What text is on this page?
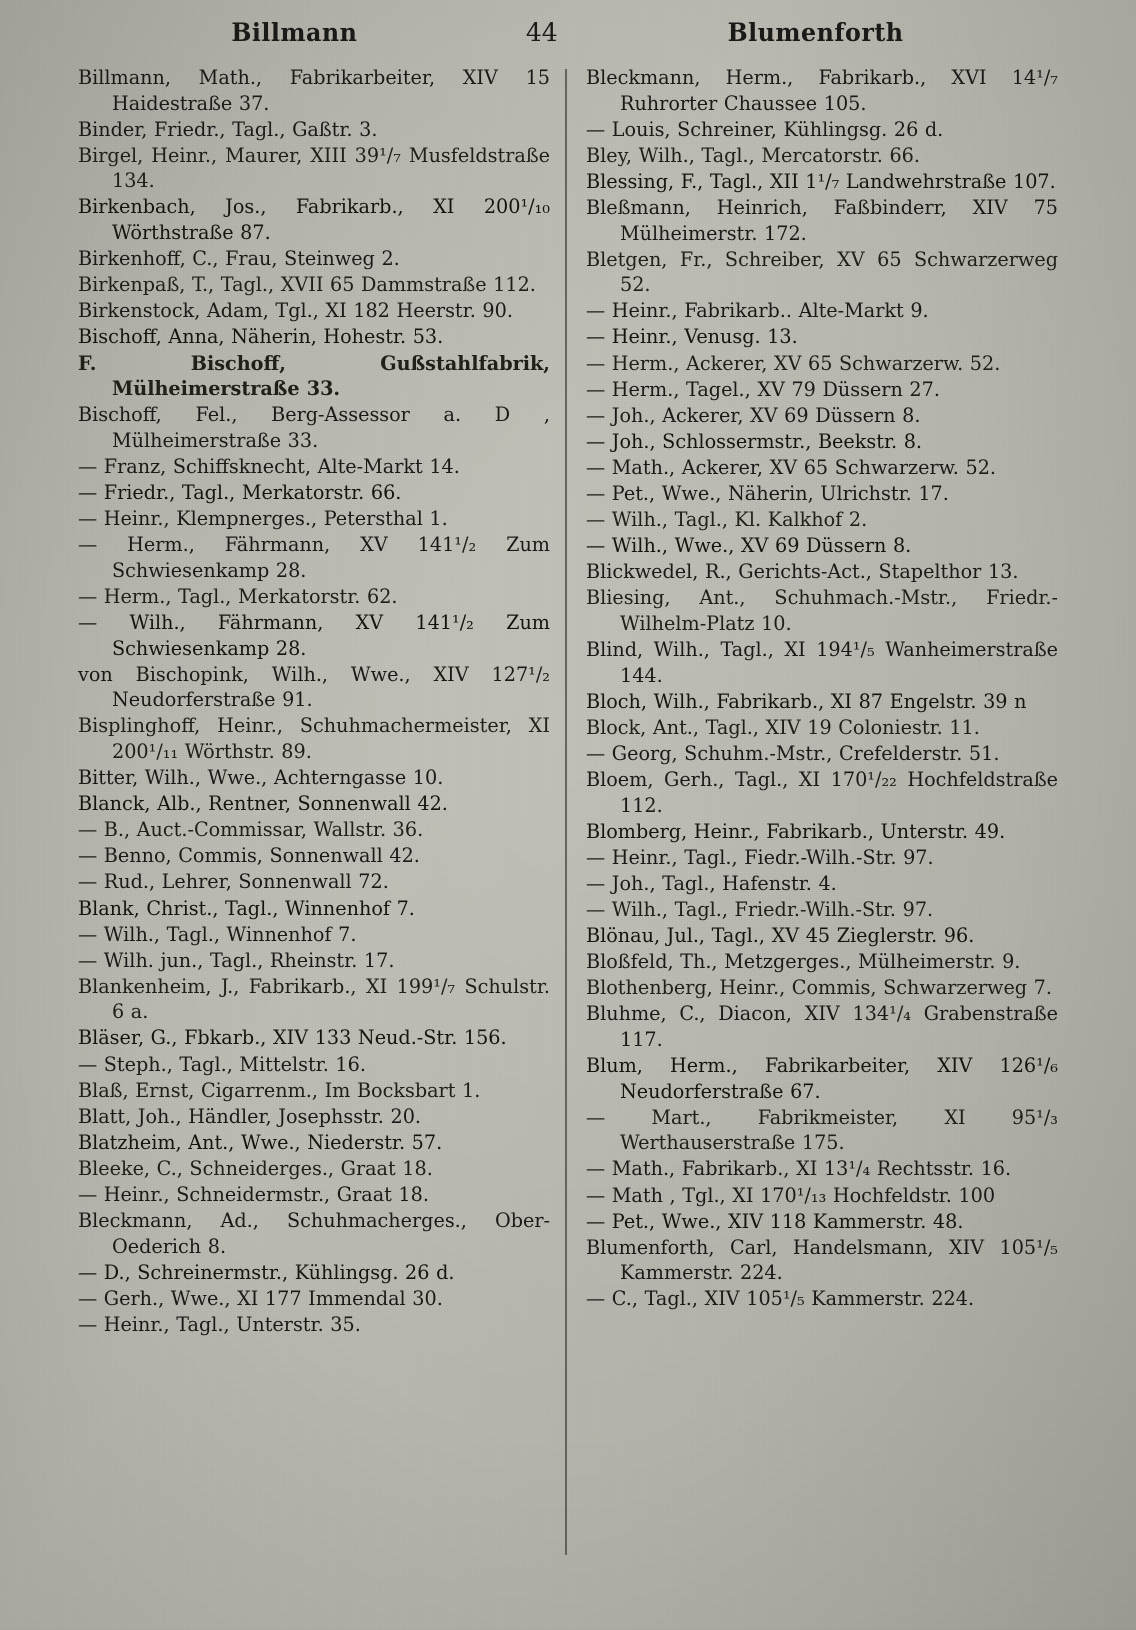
Billmann	44	Blumenforth

Billmann, Math., Fabrikarbeiter, XIV 15 Haidestraße 37.

Binder, Friedr., Tagl., Gaßtr. 3.

Birgel, Heinr., Maurer, XIII 39¹/₇ Musfeldstraße 134.

Birkenbach, Jos., Fabrikarb., XI 200¹/₁₀ Wörthstraße 87.

Birkenhoff, C., Frau, Steinweg 2.

Birkenpaß, T., Tagl., XVII 65 Dammstraße 112.

Birkenstock, Adam, Tgl., XI 182 Heerstr. 90.

Bischoff, Anna, Näherin, Hohestr. 53.

F. Bischoff, Gußstahlfabrik, Mülheimerstraße 33.

Bischoff, Fel., Berg-Assessor a. D , Mülheimerstraße 33.

— Franz, Schiffsknecht, Alte-Markt 14.

— Friedr., Tagl., Merkatorstr. 66.

— Heinr., Klempnerges., Petersthal 1.

— Herm., Fährmann, XV 141¹/₂ Zum Schwiesenkamp 28.

— Herm., Tagl., Merkatorstr. 62.

— Wilh., Fährmann, XV 141¹/₂ Zum Schwiesenkamp 28.

von Bischopink, Wilh., Wwe., XIV 127¹/₂ Neudorferstraße 91.

Bisplinghoff, Heinr., Schuhmachermeister, XI 200¹/₁₁ Wörthstr. 89.

Bitter, Wilh., Wwe., Achterngasse 10.

Blanck, Alb., Rentner, Sonnenwall 42.

— B., Auct.-Commissar, Wallstr. 36.

— Benno, Commis, Sonnenwall 42.

— Rud., Lehrer, Sonnenwall 72.

Blank, Christ., Tagl., Winnenhof 7.

— Wilh., Tagl., Winnenhof 7.

— Wilh. jun., Tagl., Rheinstr. 17.

Blankenheim, J., Fabrikarb., XI 199¹/₇ Schulstr. 6 a.

Bläser, G., Fbkarb., XIV 133 Neud.-Str. 156.

— Steph., Tagl., Mittelstr. 16.

Blaß, Ernst, Cigarrenm., Im Bocksbart 1.

Blatt, Joh., Händler, Josephsstr. 20.

Blatzheim, Ant., Wwe., Niederstr. 57.

Bleeke, C., Schneiderges., Graat 18.

— Heinr., Schneidermstr., Graat 18.

Bleckmann, Ad., Schuhmacherges., Ober-Oederich 8.

— D., Schreinermstr., Kühlingsg. 26 d.

— Gerh., Wwe., XI 177 Immendal 30.

— Heinr., Tagl., Unterstr. 35.

Bleckmann, Herm., Fabrikarb., XVI 14¹/₇ Ruhrorter Chaussee 105.

— Louis, Schreiner, Kühlingsg. 26 d.

Bley, Wilh., Tagl., Mercatorstr. 66.

Blessing, F., Tagl., XII 1¹/₇ Landwehrstraße 107.

Bleßmann, Heinrich, Faßbinderr, XIV 75 Mülheimerstr. 172.

Bletgen, Fr., Schreiber, XV 65 Schwarzerweg 52.

— Heinr., Fabrikarb.. Alte-Markt 9.

— Heinr., Venusg. 13.

— Herm., Ackerer, XV 65 Schwarzerw. 52.

— Herm., Tagel., XV 79 Düssern 27.

— Joh., Ackerer, XV 69 Düssern 8.

— Joh., Schlossermstr., Beekstr. 8.

— Math., Ackerer, XV 65 Schwarzerw. 52.

— Pet., Wwe., Näherin, Ulrichstr. 17.

— Wilh., Tagl., Kl. Kalkhof 2.

— Wilh., Wwe., XV 69 Düssern 8.

Blickwedel, R., Gerichts-Act., Stapelthor 13.

Bliesing, Ant., Schuhmach.-Mstr., Friedr.-Wilhelm-Platz 10.

Blind, Wilh., Tagl., XI 194¹/₅ Wanheimerstraße 144.

Bloch, Wilh., Fabrikarb., XI 87 Engelstr. 39 n

Block, Ant., Tagl., XIV 19 Coloniestr. 11.

— Georg, Schuhm.-Mstr., Crefelderstr. 51.

Bloem, Gerh., Tagl., XI 170¹/₂₂ Hochfeldstraße 112.

Blomberg, Heinr., Fabrikarb., Unterstr. 49.

— Heinr., Tagl., Fiedr.-Wilh.-Str. 97.

— Joh., Tagl., Hafenstr. 4.

— Wilh., Tagl., Friedr.-Wilh.-Str. 97.

Blönau, Jul., Tagl., XV 45 Zieglerstr. 96.

Bloßfeld, Th., Metzgerges., Mülheimerstr. 9.

Blothenberg, Heinr., Commis, Schwarzerweg 7.

Bluhme, C., Diacon, XIV 134¹/₄ Grabenstraße 117.

Blum, Herm., Fabrikarbeiter, XIV 126¹/₆ Neudorferstraße 67.

— Mart., Fabrikmeister, XI 95¹/₃ Werthauserstraße 175.

— Math., Fabrikarb., XI 13¹/₄ Rechtsstr. 16.

— Math , Tgl., XI 170¹/₁₃ Hochfeldstr. 100

— Pet., Wwe., XIV 118 Kammerstr. 48.

Blumenforth, Carl, Handelsmann, XIV 105¹/₅ Kammerstr. 224.

— C., Tagl., XIV 105¹/₅ Kammerstr. 224.
